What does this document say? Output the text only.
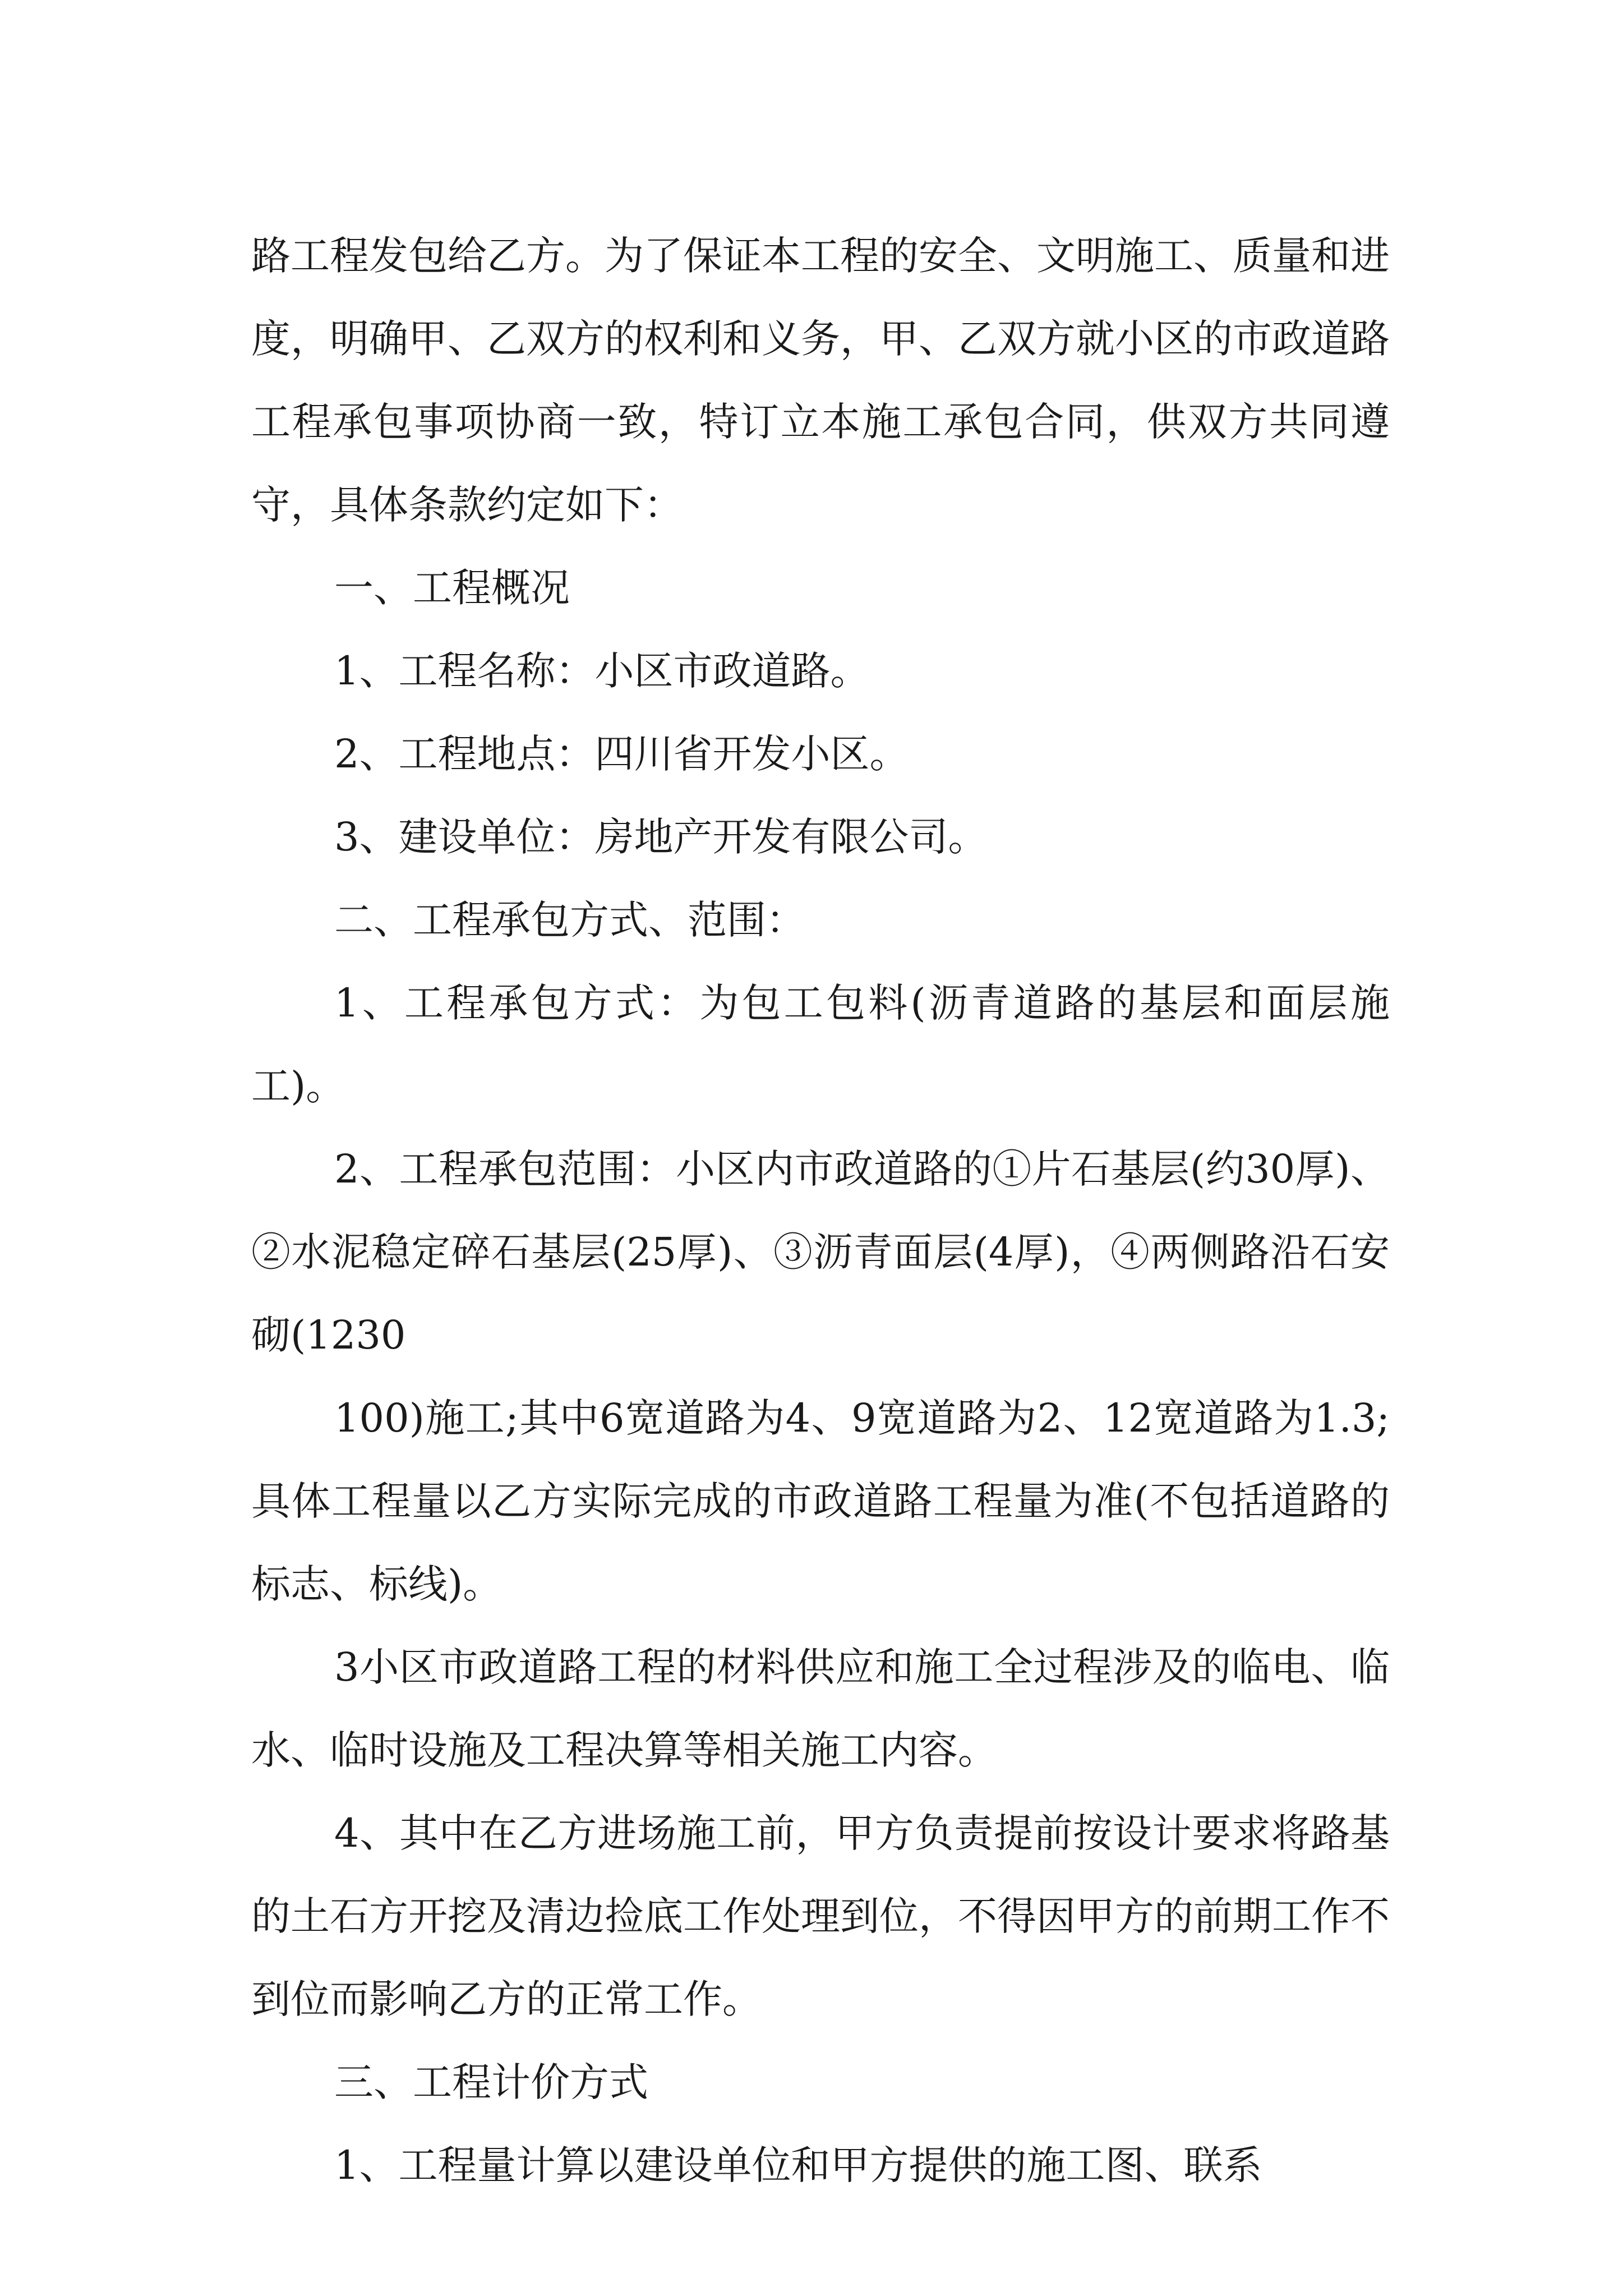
路工程发包给乙方。为了保证本工程的安全、文明施工、质量和进度，明确甲、乙双方的权利和义务，甲、乙双方就小区的市政道路工程承包事项协商一致，特订立本施工承包合同，供双方共同遵守，具体条款约定如下：

一、工程概况

1、工程名称：小区市政道路。

2、工程地点：四川省开发小区。

3、建设单位：房地产开发有限公司。

二、工程承包方式、范围：

1、工程承包方式：为包工包料(沥青道路的基层和面层施工)。

2、工程承包范围：小区内市政道路的①片石基层(约30厚)、②水泥稳定碎石基层(25厚)、③沥青面层(4厚)，④两侧路沿石安砌(1230

100)施工;其中6宽道路为4、9宽道路为2、12宽道路为1.3;具体工程量以乙方实际完成的市政道路工程量为准(不包括道路的标志、标线)。

3小区市政道路工程的材料供应和施工全过程涉及的临电、临水、临时设施及工程决算等相关施工内容。

4、其中在乙方进场施工前，甲方负责提前按设计要求将路基的土石方开挖及清边捡底工作处理到位，不得因甲方的前期工作不到位而影响乙方的正常工作。

三、工程计价方式

1、工程量计算以建设单位和甲方提供的施工图、联系
